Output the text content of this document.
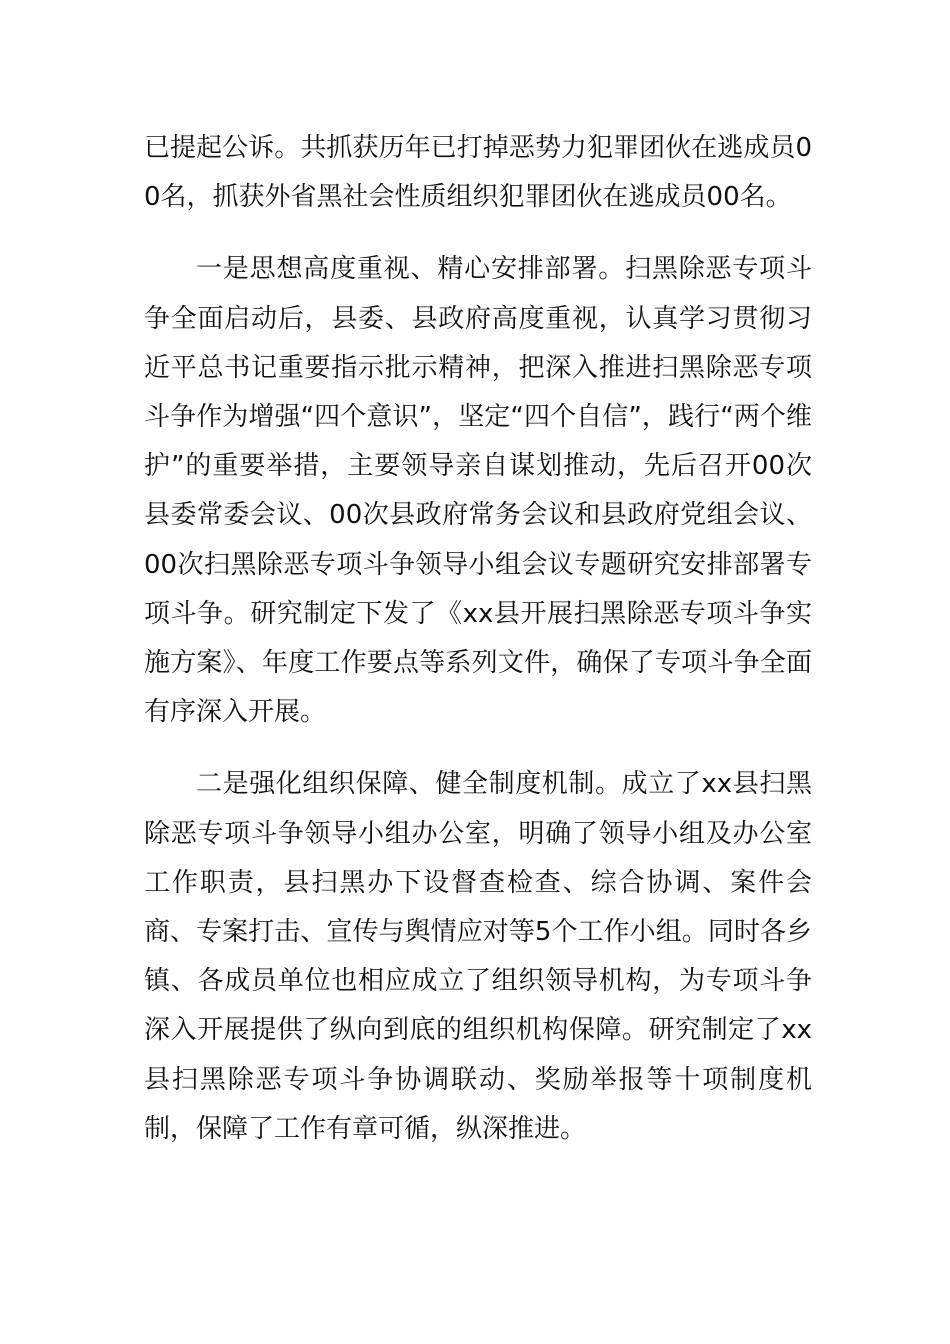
已提起公诉。共抓获历年已打掉恶势力犯罪团伙在逃成员00名，抓获外省黑社会性质组织犯罪团伙在逃成员00名。

一是思想高度重视、精心安排部署。扫黑除恶专项斗争全面启动后，县委、县政府高度重视，认真学习贯彻习近平总书记重要指示批示精神，把深入推进扫黑除恶专项斗争作为增强“四个意识”，坚定“四个自信”，践行“两个维护”的重要举措，主要领导亲自谋划推动，先后召开00次县委常委会议、00次县政府常务会议和县政府党组会议、00次扫黑除恶专项斗争领导小组会议专题研究安排部署专项斗争。研究制定下发了《xx县开展扫黑除恶专项斗争实施方案》、年度工作要点等系列文件，确保了专项斗争全面有序深入开展。

二是强化组织保障、健全制度机制。成立了xx县扫黑除恶专项斗争领导小组办公室，明确了领导小组及办公室工作职责，县扫黑办下设督查检查、综合协调、案件会商、专案打击、宣传与舆情应对等5个工作小组。同时各乡镇、各成员单位也相应成立了组织领导机构，为专项斗争深入开展提供了纵向到底的组织机构保障。研究制定了xx县扫黑除恶专项斗争协调联动、奖励举报等十项制度机制，保障了工作有章可循，纵深推进。
